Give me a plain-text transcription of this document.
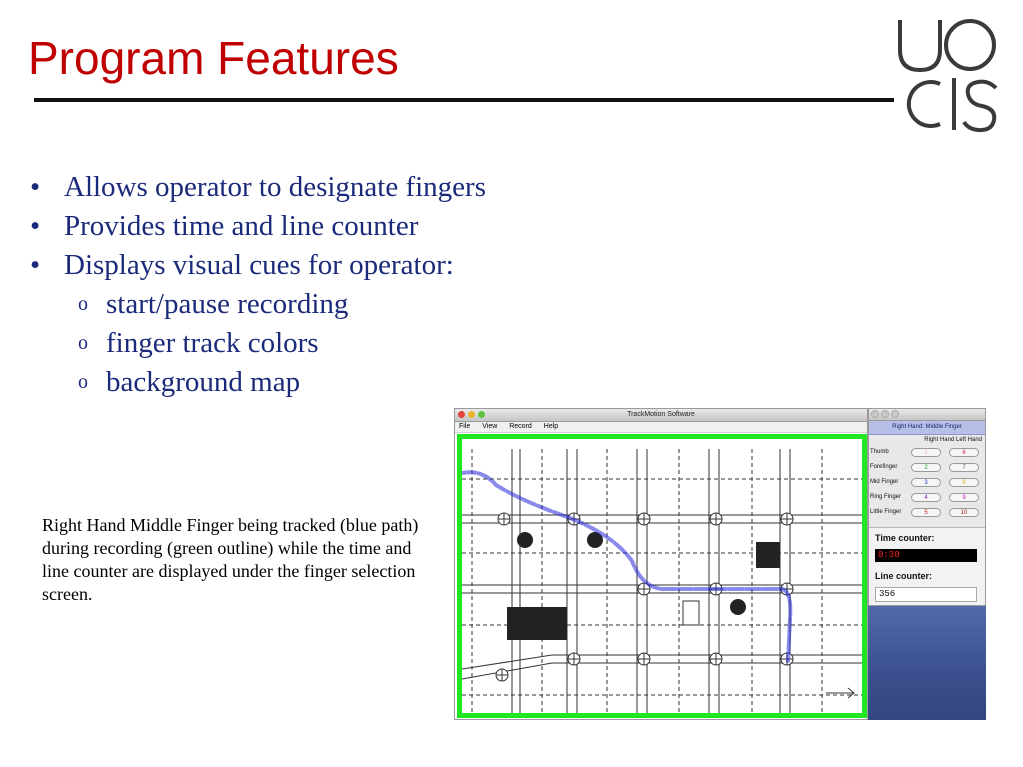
Program Features
• Allows operator to designate fingers
• Provides time and line counter
• Displays visual cues for operator:
o start/pause recording
o finger track colors
o background map

Right Hand Middle Finger being tracked (blue path) during recording (green outline) while the time and line counter are displayed under the finger selection screen.

TrackMotion Software
File View Record Help	Right Hand: Middle Finger
Right Hand Left Hand
Thumb	1	6
Forefinger	2	7
Mid Finger	3	8
Ring Finger	4	9
Little Finger	5	10
Time counter:
0:30
Line counter:
356
